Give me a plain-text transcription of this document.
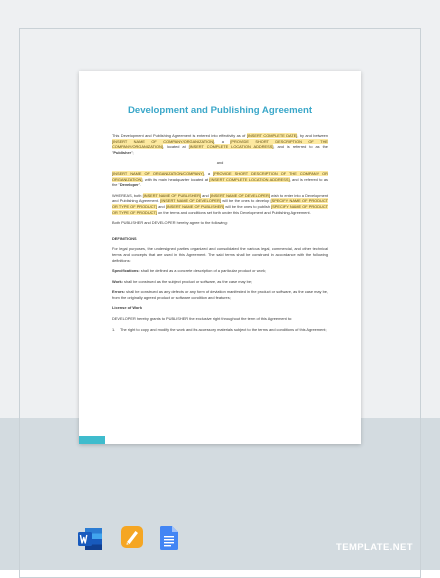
Development and Publishing Agreement

This Development and Publishing Agreement is entered into effectivity as of [INSERT COMPLETE DATE], by and between [INSERT NAME OF COMPANY/ORGANIZATION], a [PROVIDE SHORT DESCRIPTION OF THE COMPANY/ORGANIZATION], located at [INSERT COMPLETE LOCATION ADDRESS], and is referred to as the "Publisher";

and

[INSERT NAME OF ORGANIZATION/COMPANY], a [PROVIDE SHORT DESCRIPTION OF THE COMPANY OR ORGANIZATION], with its main headquarter located at [INSERT COMPLETE LOCATION ADDRESS], and is referred to as the "Developer".

WHEREAS, both [INSERT NAME OF PUBLISHER] and [INSERT NAME OF DEVELOPER] wish to enter into a Development and Publishing Agreement. [INSERT NAME OF DEVELOPER] will be the ones to develop [SPECIFY NAME OF PRODUCT OR TYPE OF PRODUCT] and [INSERT NAME OF PUBLISHER] will be the ones to publish [SPECIFY NAME OF PRODUCT OR TYPE OF PRODUCT] on the terms and conditions set forth under this Development and Publishing Agreement.

Both PUBLISHER and DEVELOPER hereby agree to the following:

DEFINITIONS

For legal purposes, the undersigned parties organized and consolidated the various legal, commercial, and other technical terms and concepts that are used in this Agreement. The said terms shall be construed in accordance with the following definitions:

Specifications: shall be defined as a concrete description of a particular product or work;

Work: shall be construed as the subject product or software, as the case may be;

Errors: shall be construed as any defects or any form of deviation manifested in the product or software, as the case may be, from the originally agreed product or software condition and features;

License of Work

DEVELOPER hereby grants to PUBLISHER the exclusive right throughout the term of this Agreement to:

1.	The right to copy and modify the work and its accessory materials subject to the terms and conditions of this Agreement;
TEMPLATE.NET
